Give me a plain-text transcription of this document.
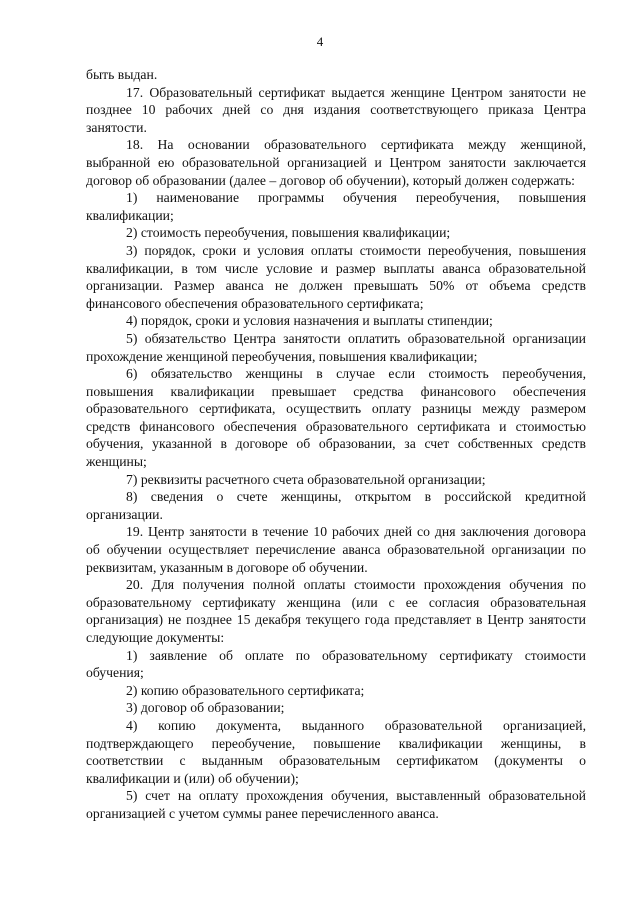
4

быть выдан.

17. Образовательный сертификат выдается женщине Центром занятости не позднее 10 рабочих дней со дня издания соответствующего приказа Центра занятости.

18. На основании образовательного сертификата между женщиной, выбранной ею образовательной организацией и Центром занятости заключается договор об образовании (далее – договор об обучении), который должен содержать:

1) наименование программы обучения переобучения, повышения квалификации;

2) стоимость переобучения, повышения квалификации;

3) порядок, сроки и условия оплаты стоимости переобучения, повышения квалификации, в том числе условие и размер выплаты аванса образовательной организации. Размер аванса не должен превышать 50% от объема средств финансового обеспечения образовательного сертификата;

4) порядок, сроки и условия назначения и выплаты стипендии;

5) обязательство Центра занятости оплатить образовательной организации прохождение женщиной переобучения, повышения квалификации;

6) обязательство женщины в случае если стоимость переобучения, повышения квалификации превышает средства финансового обеспечения образовательного сертификата, осуществить оплату разницы между размером средств финансового обеспечения образовательного сертификата и стоимостью обучения, указанной в договоре об образовании, за счет собственных средств женщины;

7) реквизиты расчетного счета образовательной организации;

8) сведения о счете женщины, открытом в российской кредитной организации.

19. Центр занятости в течение 10 рабочих дней со дня заключения договора об обучении осуществляет перечисление аванса образовательной организации по реквизитам, указанным в договоре об обучении.

20. Для получения полной оплаты стоимости прохождения обучения по образовательному сертификату женщина (или с ее согласия образовательная организация) не позднее 15 декабря текущего года представляет в Центр занятости следующие документы:

1) заявление об оплате по образовательному сертификату стоимости обучения;

2) копию образовательного сертификата;

3) договор об образовании;

4) копию документа, выданного образовательной организацией, подтверждающего переобучение, повышение квалификации женщины, в соответствии с выданным образовательным сертификатом (документы о квалификации и (или) об обучении);

5) счет на оплату прохождения обучения, выставленный образовательной организацией с учетом суммы ранее перечисленного аванса.
